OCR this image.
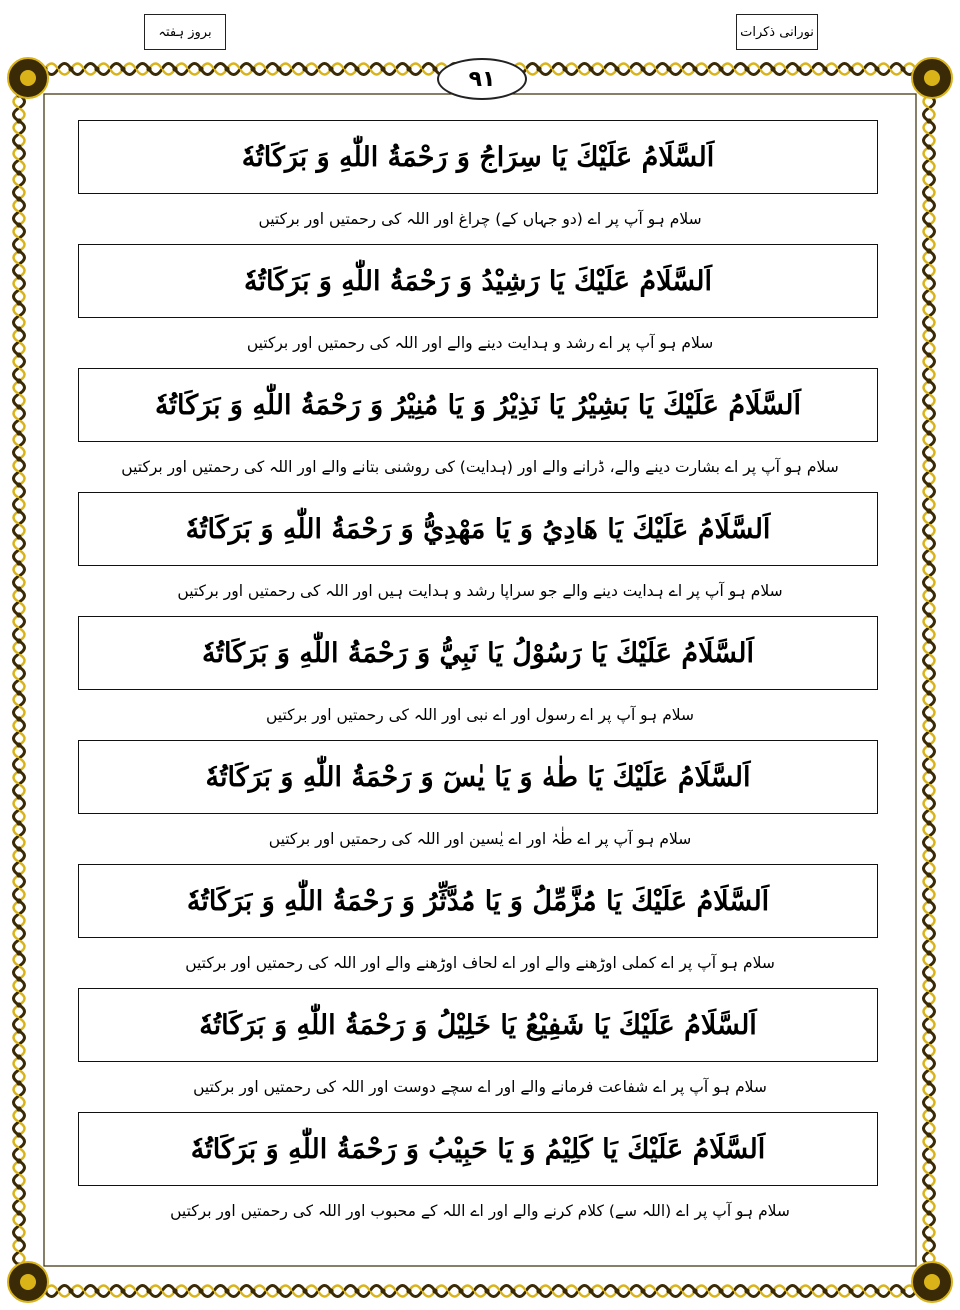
بروز ہفتہ	نورانی ذکرات
۹۱
اَلسَّلَامُ عَلَيْكَ يَا سِرَاجُ وَ رَحْمَةُ اللّٰهِ وَ بَرَكَاتُهٗ
سلام ہو آپ پر اے (دو جہاں کے) چراغ اور اللہ کی رحمتیں اور برکتیں
اَلسَّلَامُ عَلَيْكَ يَا رَشِيْدُ وَ رَحْمَةُ اللّٰهِ وَ بَرَكَاتُهٗ
سلام ہو آپ پر اے رشد و ہدایت دینے والے اور اللہ کی رحمتیں اور برکتیں
اَلسَّلَامُ عَلَيْكَ يَا بَشِيْرُ يَا نَذِيْرُ وَ يَا مُنِيْرُ وَ رَحْمَةُ اللّٰهِ وَ بَرَكَاتُهٗ
سلام ہو آپ پر اے بشارت دینے والے، ڈرانے والے اور (ہدایت) کی روشنی بتانے والے اور اللہ کی رحمتیں اور برکتیں
اَلسَّلَامُ عَلَيْكَ يَا هَادِيُ وَ يَا مَهْدِيُّ وَ رَحْمَةُ اللّٰهِ وَ بَرَكَاتُهٗ
سلام ہو آپ پر اے ہدایت دینے والے جو سراپا رشد و ہدایت ہیں اور اللہ کی رحمتیں اور برکتیں
اَلسَّلَامُ عَلَيْكَ يَا رَسُوْلُ يَا نَبِيُّ وَ رَحْمَةُ اللّٰهِ وَ بَرَكَاتُهٗ
سلام ہو آپ پر اے رسول اور اے نبی اور اللہ کی رحمتیں اور برکتیں
اَلسَّلَامُ عَلَيْكَ يَا طٰهٰ وَ يَا يٰسٓ وَ رَحْمَةُ اللّٰهِ وَ بَرَكَاتُهٗ
سلام ہو آپ پر اے طٰہٰ اور اے یٰسین اور اللہ کی رحمتیں اور برکتیں
اَلسَّلَامُ عَلَيْكَ يَا مُزَّمِّلُ وَ يَا مُدَّثِّرُ وَ رَحْمَةُ اللّٰهِ وَ بَرَكَاتُهٗ
سلام ہو آپ پر اے کملی اوڑھنے والے اور اے لحاف اوڑھنے والے اور اللہ کی رحمتیں اور برکتیں
اَلسَّلَامُ عَلَيْكَ يَا شَفِيْعُ يَا خَلِيْلُ وَ رَحْمَةُ اللّٰهِ وَ بَرَكَاتُهٗ
سلام ہو آپ پر اے شفاعت فرمانے والے اور اے سچے دوست اور اللہ کی رحمتیں اور برکتیں
اَلسَّلَامُ عَلَيْكَ يَا كَلِيْمُ وَ يَا حَبِيْبُ وَ رَحْمَةُ اللّٰهِ وَ بَرَكَاتُهٗ
سلام ہو آپ پر اے (اللہ سے) کلام کرنے والے اور اے اللہ کے محبوب اور اللہ کی رحمتیں اور برکتیں
